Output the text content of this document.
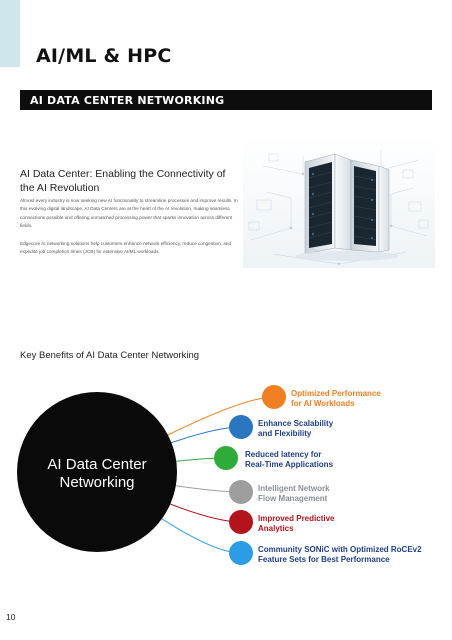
AI/ML & HPC
AI DATA CENTER NETWORKING
AI Data Center: Enabling the Connectivity of the AI Revolution

Almost every industry is now seeking new AI functionality to streamline processes and improve results. In this evolving digital landscape, AI Data Centers are at the heart of the AI revolution, making seamless connections possible and offering unmatched processing power that sparks innovation across different fields.

Edgecore AI networking solutions help customers enhance network efficiency, reduce congestion, and expedite job completion times (JCB) for extensive AI/ML workloads.

Key Benefits of AI Data Center Networking
AI Data Center
Networking
Optimized Performance
for AI Workloads
Enhance Scalability
and Flexibility
Reduced latency for
Real-Time Applications
Intelligent Network
Flow Management
Improved Predictive
Analytics
Community SONiC with Optimized RoCEv2
Feature Sets for Best Performance
10
